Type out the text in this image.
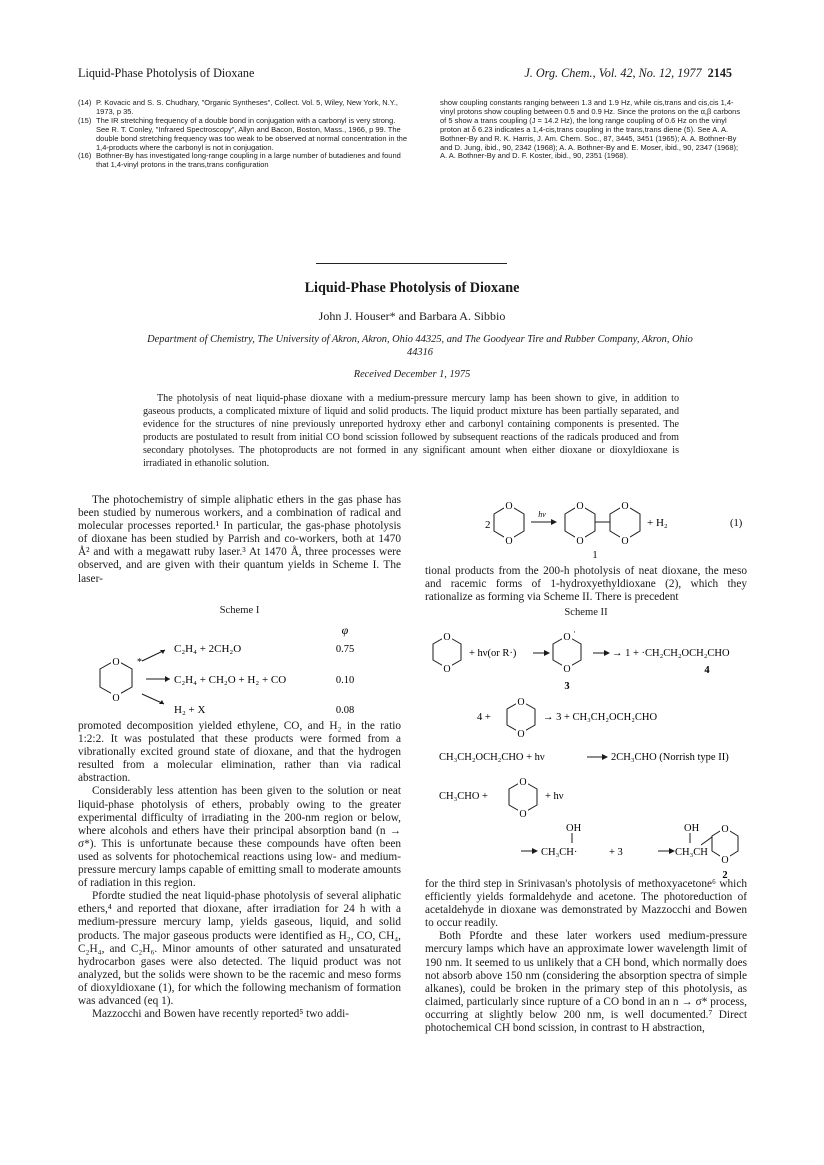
Liquid-Phase Photolysis of Dioxane	J. Org. Chem., Vol. 42, No. 12, 1977 2145
(14) P. Kovacic and S. S. Chudhary, "Organic Syntheses", Collect. Vol. 5, Wiley, New York, N.Y., 1973, p 35.
(15) The IR stretching frequency of a double bond in conjugation with a carbonyl is very strong. See R. T. Conley, "Infrared Spectroscopy", Allyn and Bacon, Boston, Mass., 1966, p 99. The double bond stretching frequency was too weak to be observed at normal concentration in the 1,4-products where the carbonyl is not in conjugation.
(16) Bothner-By has investigated long-range coupling in a large number of butadienes and found that 1,4-vinyl protons in the trans,trans configuration
show coupling constants ranging between 1.3 and 1.9 Hz, while cis,trans and cis,cis 1,4-vinyl protons show coupling between 0.5 and 0.9 Hz. Since the protons on the α,β carbons of 5 show a trans coupling (J = 14.2 Hz), the long range coupling of 0.6 Hz on the vinyl proton at δ 6.23 indicates a 1,4-cis,trans coupling in the trans,trans diene (5). See A. A. Bothner-By and R. K. Harris, J. Am. Chem. Soc., 87, 3445, 3451 (1965); A. A. Bothner-By and D. Jung, ibid., 90, 2342 (1968); A. A. Bothner-By and E. Moser, ibid., 90, 2347 (1968); A. A. Bothner-By and D. F. Koster, ibid., 90, 2351 (1968).
Liquid-Phase Photolysis of Dioxane
John J. Houser* and Barbara A. Sibbio
Department of Chemistry, The University of Akron, Akron, Ohio 44325, and The Goodyear Tire and Rubber Company, Akron, Ohio 44316
Received December 1, 1975

The photolysis of neat liquid-phase dioxane with a medium-pressure mercury lamp has been shown to give, in addition to gaseous products, a complicated mixture of liquid and solid products. The liquid product mixture has been partially separated, and evidence for the structures of nine previously unreported hydroxy ether and carbonyl containing components is presented. The products are postulated to result from initial CO bond scission followed by subsequent reactions of the radicals produced and from secondary photolyses. The photoproducts are not formed in any significant amount when either dioxane or dioxyldioxane is irradiated in ethanolic solution.

The photochemistry of simple aliphatic ethers in the gas phase has been studied by numerous workers, and a combination of radical and molecular processes reported.¹ In particular, the gas-phase photolysis of dioxane has been studied by Parrish and co-workers, both at 1470 Å² and with a megawatt ruby laser.³ At 1470 Å, three processes were observed, and are given with their quantum yields in Scheme I. The laser-

Scheme I
φ
O
O
*
C₂H₄ + 2CH₂O	0.75
C₂H₄ + CH₂O + H₂ + CO	0.10
H₂ + X	0.08

promoted decomposition yielded ethylene, CO, and H₂ in the ratio 1:2:2. It was postulated that these products were formed from a vibrationally excited ground state of dioxane, and that the hydrogen resulted from a molecular elimination, rather than via radical abstraction.

Considerably less attention has been given to the solution or neat liquid-phase photolysis of ethers, probably owing to the greater experimental difficulty of irradiating in the 200-nm region or below, where alcohols and ethers have their principal absorption band (n → σ*). This is unfortunate because these compounds have often been used as solvents for photochemical reactions using low- and medium-pressure mercury lamps capable of emitting small to moderate amounts of radiation in this region.

Pfordte studied the neat liquid-phase photolysis of several aliphatic ethers,⁴ and reported that dioxane, after irradiation for 24 h with a medium-pressure mercury lamp, yields gaseous, liquid, and solid products. The major gaseous products were identified as H₂, CO, CH₄, C₂H₄, and C₂H₆. Minor amounts of other saturated and unsaturated hydrocarbon gases were also detected. The liquid product was not analyzed, but the solids were shown to be the racemic and meso forms of dioxyldioxane (1), for which the following mechanism of formation was advanced (eq 1).

Mazzocchi and Bowen have recently reported⁵ two addi-

2
O
O
O
O
O
O
hν
+ H₂	(1)
1

tional products from the 200-h photolysis of neat dioxane, the meso and racemic forms of 1-hydroxyethyldioxane (2), which they rationalize as forming via Scheme II. There is precedent

Scheme II
O
O
O ·
O
+ hν(or R·)	→ 1 + ·CH₂CH₂OCH₂CHO
3
4
4 +
O
O
→ 3 + CH₃CH₂OCH₂CHO
CH₃CH₂OCH₂CHO + hν	2CH₃CHO (Norrish type II)
CH₃CHO +
O
O
+ hν
O
O
OH
CH₃CH·	+ 3
OH
CH₃CH
2

for the third step in Srinivasan's photolysis of methoxyacetone⁶ which efficiently yields formaldehyde and acetone. The photoreduction of acetaldehyde in dioxane was demonstrated by Mazzocchi and Bowen to occur readily.

Both Pfordte and these later workers used medium-pressure mercury lamps which have an approximate lower wavelength limit of 190 nm. It seemed to us unlikely that a CH bond, which normally does not absorb above 150 nm (considering the absorption spectra of simple alkanes), could be broken in the primary step of this photolysis, as claimed, particularly since rupture of a CO bond in an n → σ* process, occurring at slightly below 200 nm, is well documented.⁷ Direct photochemical CH bond scission, in contrast to H abstraction,
